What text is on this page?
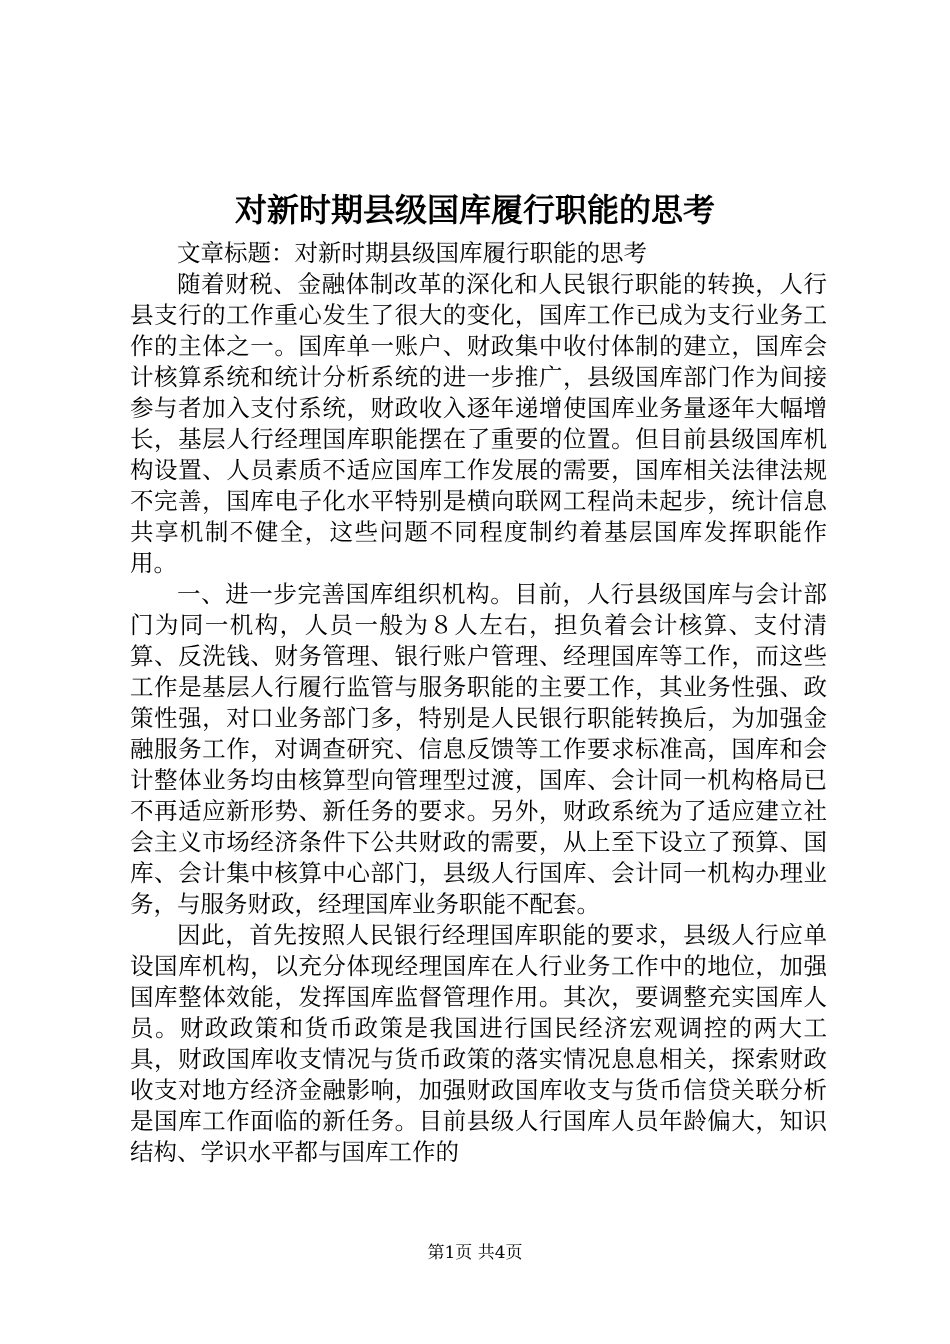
对新时期县级国库履行职能的思考

文章标题：对新时期县级国库履行职能的思考

随着财税、金融体制改革的深化和人民银行职能的转换，人行县支行的工作重心发生了很大的变化，国库工作已成为支行业务工作的主体之一。国库单一账户、财政集中收付体制的建立，国库会计核算系统和统计分析系统的进一步推广，县级国库部门作为间接参与者加入支付系统，财政收入逐年递增使国库业务量逐年大幅增长，基层人行经理国库职能摆在了重要的位置。但目前县级国库机构设置、人员素质不适应国库工作发展的需要，国库相关法律法规不完善，国库电子化水平特别是横向联网工程尚未起步，统计信息共享机制不健全，这些问题不同程度制约着基层国库发挥职能作用。

一、进一步完善国库组织机构。目前，人行县级国库与会计部门为同一机构，人员一般为８人左右，担负着会计核算、支付清算、反洗钱、财务管理、银行账户管理、经理国库等工作，而这些工作是基层人行履行监管与服务职能的主要工作，其业务性强、政策性强，对口业务部门多，特别是人民银行职能转换后，为加强金融服务工作，对调查研究、信息反馈等工作要求标准高，国库和会计整体业务均由核算型向管理型过渡，国库、会计同一机构格局已不再适应新形势、新任务的要求。另外，财政系统为了适应建立社会主义市场经济条件下公共财政的需要，从上至下设立了预算、国库、会计集中核算中心部门，县级人行国库、会计同一机构办理业务，与服务财政，经理国库业务职能不配套。

因此，首先按照人民银行经理国库职能的要求，县级人行应单设国库机构，以充分体现经理国库在人行业务工作中的地位，加强国库整体效能，发挥国库监督管理作用。其次，要调整充实国库人员。财政政策和货币政策是我国进行国民经济宏观调控的两大工具，财政国库收支情况与货币政策的落实情况息息相关，探索财政收支对地方经济金融影响，加强财政国库收支与货币信贷关联分析是国库工作面临的新任务。目前县级人行国库人员年龄偏大，知识结构、学识水平都与国库工作的

第1页 共4页
